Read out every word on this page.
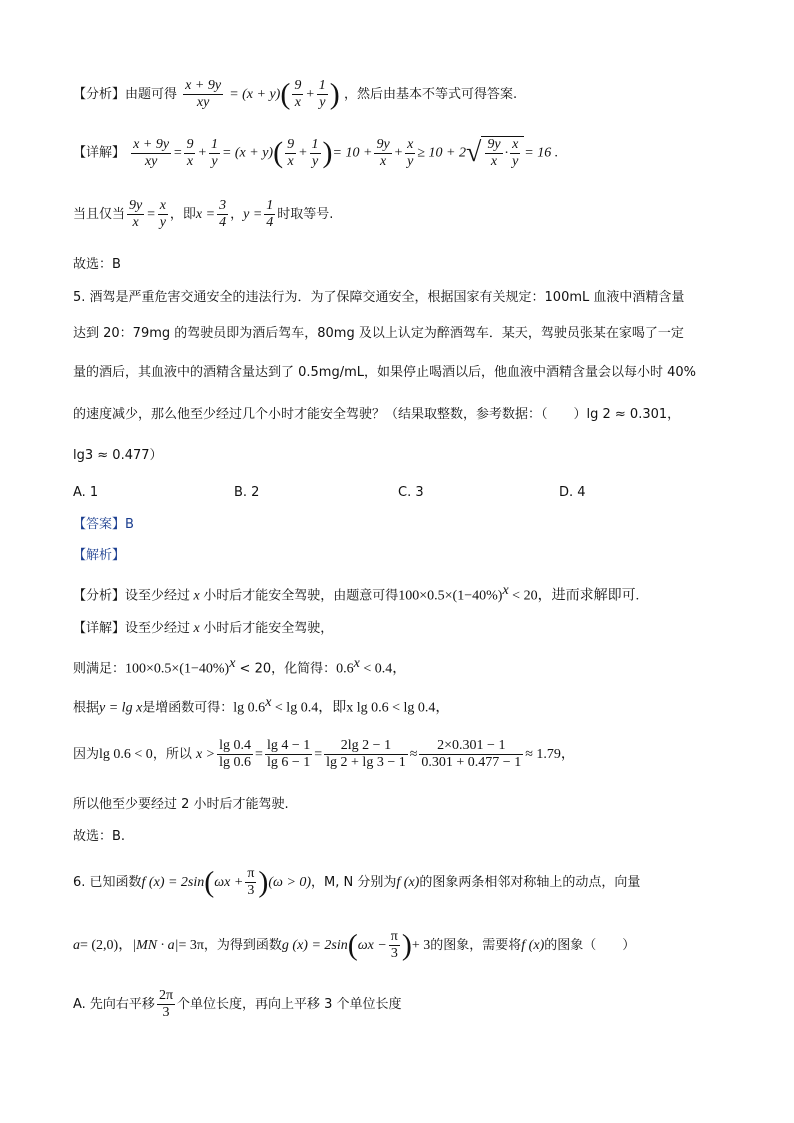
【分析】由题可得 $\frac{x + 9y}{xy} = (x + y)( \frac{9}{x} + \frac{1}{y}$ ) ，然后由基本不等式可得答案.
【详解】 $\frac{x + 9y}{xy} = \frac{9}{x} + \frac{1}{y} = (x + y)( \frac{9}{x} + \frac{1}{y}$ )= $10 + \frac{9y}{x} + \frac{x}{y} \ge 10 + 2√ \frac{9y}{x} \cdot \frac{x}{y} = 16$ .
当且仅当 $\frac{9y}{x} = \frac{x}{y}$ ，即$x = \frac{3}{4}$ ，$y = \frac{1}{4}$ 时取等号.
故选：B
5. 酒驾是严重危害交通安全的违法行为．为了保障交通安全，根据国家有关规定：100mL 血液中酒精含量
达到 20：79mg 的驾驶员即为酒后驾车，80mg 及以上认定为醉酒驾车．某天，驾驶员张某在家喝了一定
量的酒后，其血液中的酒精含量达到了 0.5mg/mL，如果停止喝酒以后，他血液中酒精含量会以每小时 40%
的速度减少，那么他至少经过几个小时才能安全驾驶？（结果取整数，参考数据：（　　）lg 2 ≈ 0.301，
lg3 ≈ 0.477）
A. 1	B. 2	C. 3	D. 4
【答案】B
【解析】
【分析】设至少经过 x 小时后才能安全驾驶，由题意可得$100\times 0.5\times(1-40\%)^x < 20$，进而求解即可.
【详解】设至少经过 x 小时后才能安全驾驶，
则满足：$100\times 0.5\times(1-40\%)^x < 20$，化简得：$0.6^x < 0.4$，
根据y = lg x是增函数可得：$\lg 0.6^x < \lg 0.4$，即x lg 0.6 < lg 0.4，
因为lg 0.6 < 0，所以 $x > \frac{\lg 0.4}{\lg 0.6} = \frac{\lg 4 - 1}{\lg 6 - 1} = \frac{2\lg 2 - 1}{\lg 2 + \lg 3 - 1} \approx \frac{2\times 0.301 - 1}{0.301 + 0.477 - 1} \approx 1.79$，
所以他至少要经过 2 小时后才能驾驶.
故选：B.
6. 已知函数f $(x) = 2\sin(\omega x + \frac{\pi}{3} )(\omega > 0)$，M, N 分别为f (x)的图象两条相邻对称轴上的动点，向量
a= (2,0)，|MN · a|= 3π，为得到函数g $(x) = 2\sin(\omega x - \frac{\pi}{3}$ )+ 3的图象，需要将f (x)的图象（　　）
A. 先向右平移 $\frac{2\pi}{3}$ 个单位长度，再向上平移 3 个单位长度
